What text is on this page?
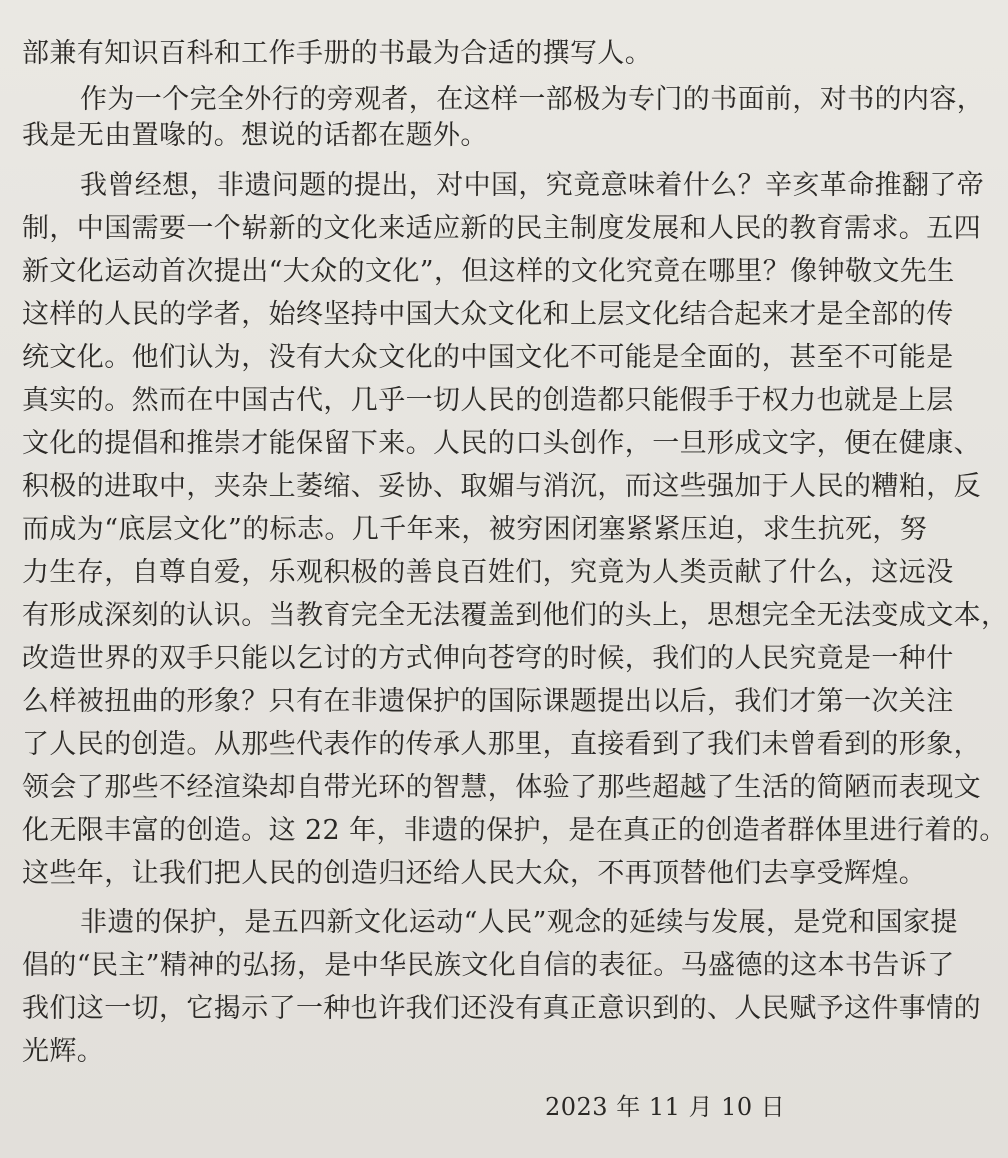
部兼有知识百科和工作手册的书最为合适的撰写人。
作为一个完全外行的旁观者，在这样一部极为专门的书面前，对书的内容，
我是无由置喙的。想说的话都在题外。
我曾经想，非遗问题的提出，对中国，究竟意味着什么？辛亥革命推翻了帝
制，中国需要一个崭新的文化来适应新的民主制度发展和人民的教育需求。五四
新文化运动首次提出“大众的文化”，但这样的文化究竟在哪里？像钟敬文先生
这样的人民的学者，始终坚持中国大众文化和上层文化结合起来才是全部的传
统文化。他们认为，没有大众文化的中国文化不可能是全面的，甚至不可能是
真实的。然而在中国古代，几乎一切人民的创造都只能假手于权力也就是上层
文化的提倡和推崇才能保留下来。人民的口头创作，一旦形成文字，便在健康、
积极的进取中，夹杂上萎缩、妥协、取媚与消沉，而这些强加于人民的糟粕，反
而成为“底层文化”的标志。几千年来，被穷困闭塞紧紧压迫，求生抗死，努
力生存，自尊自爱，乐观积极的善良百姓们，究竟为人类贡献了什么，这远没
有形成深刻的认识。当教育完全无法覆盖到他们的头上，思想完全无法变成文本，
改造世界的双手只能以乞讨的方式伸向苍穹的时候，我们的人民究竟是一种什
么样被扭曲的形象？只有在非遗保护的国际课题提出以后，我们才第一次关注
了人民的创造。从那些代表作的传承人那里，直接看到了我们未曾看到的形象，
领会了那些不经渲染却自带光环的智慧，体验了那些超越了生活的简陋而表现文
化无限丰富的创造。这 22 年，非遗的保护，是在真正的创造者群体里进行着的。
这些年，让我们把人民的创造归还给人民大众，不再顶替他们去享受辉煌。
非遗的保护，是五四新文化运动“人民”观念的延续与发展，是党和国家提
倡的“民主”精神的弘扬，是中华民族文化自信的表征。马盛德的这本书告诉了
我们这一切，它揭示了一种也许我们还没有真正意识到的、人民赋予这件事情的
光辉。
2023 年 11 月 10 日
